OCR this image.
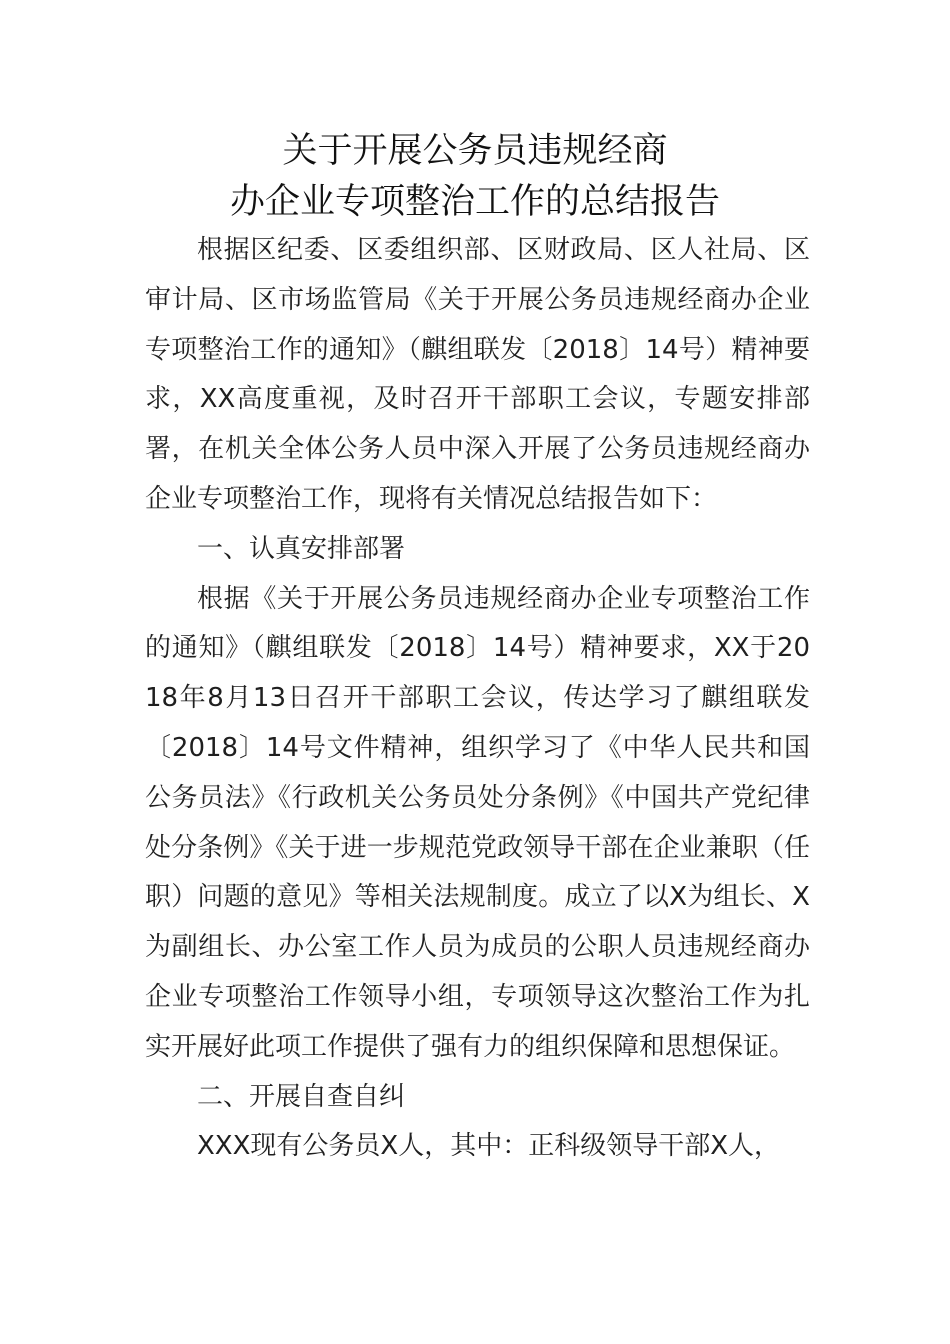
关于开展公务员违规经商
办企业专项整治工作的总结报告

根据区纪委、区委组织部、区财政局、区人社局、区审计局、区市场监管局《关于开展公务员违规经商办企业专项整治工作的通知》（麒组联发〔2018〕14号）精神要求，XX高度重视，及时召开干部职工会议，专题安排部署，在机关全体公务人员中深入开展了公务员违规经商办企业专项整治工作，现将有关情况总结报告如下：

一、认真安排部署

根据《关于开展公务员违规经商办企业专项整治工作的通知》（麒组联发〔2018〕14号）精神要求，XX于2018年8月13日召开干部职工会议，传达学习了麒组联发〔2018〕14号文件精神，组织学习了《中华人民共和国公务员法》《行政机关公务员处分条例》《中国共产党纪律处分条例》《关于进一步规范党政领导干部在企业兼职（任职）问题的意见》等相关法规制度。成立了以X为组长、X为副组长、办公室工作人员为成员的公职人员违规经商办企业专项整治工作领导小组，专项领导这次整治工作为扎实开展好此项工作提供了强有力的组织保障和思想保证。

二、开展自查自纠

XXX现有公务员X人，其中：正科级领导干部X人，
